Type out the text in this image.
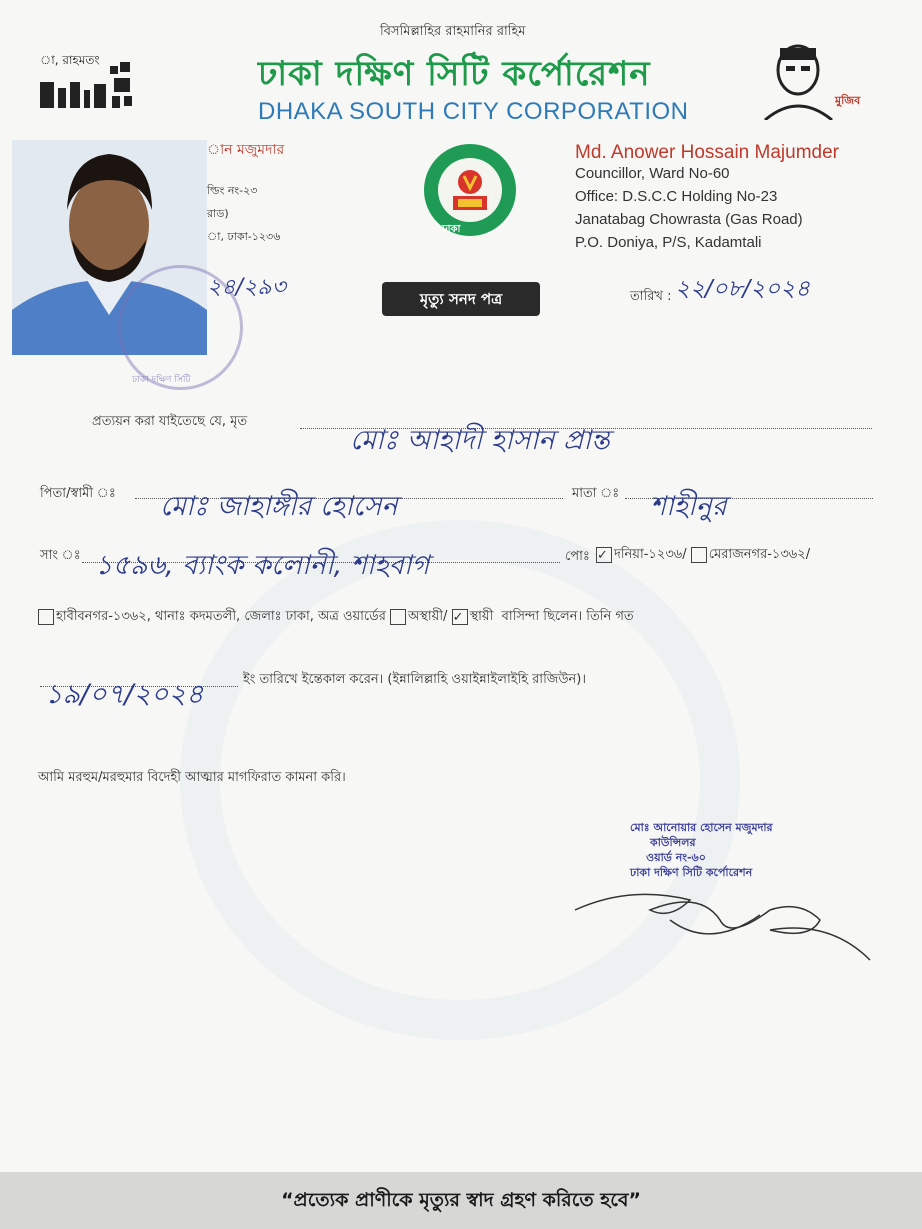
া, রাহমতং
বিসমিল্লাহির রাহমানির রাহিম
ঢাকা দক্ষিণ সিটি কর্পোরেশন
DHAKA SOUTH CITY CORPORATION	মুজিব
ঢাকা দক্ষিণ সিটি
ান মজুমদার
ল্ডিং নং-২৩
রাড)
া, ঢাকা-১২৩৬
ঢাকা
Md. Anower Hossain Majumder
Councillor, Ward No-60
Office: D.S.C.C Holding No-23
Janatabag Chowrasta (Gas Road)
P.O. Doniya, P/S, Kadamtali
২৪/২৯৩	মৃত্যু সনদ পত্র	তারিখ : ২২/০৮/২০২৪
প্রত্যয়ন করা যাইতেছে যে, মৃত
মোঃ আহাদী হাসান প্রান্ত
পিতা/স্বামী ঃ মোঃ জাহাঙ্গীর হোসেন	মাতা ঃ শাহীনুর
সাং ঃ ১৫৯৬, ব্যাংক কলোনী, শাহবাগ	পোঃ ✓ দনিয়া-১২৩৬/ মেরাজনগর-১৩৬২/
হাবীবনগর-১৩৬২, থানাঃ কদমতলী, জেলাঃ ঢাকা, অত্র ওয়ার্ডের অস্থায়ী/ ✓ স্থায়ী বাসিন্দা ছিলেন। তিনি গত
১৯/০৭/২০২৪	ইং তারিখে ইন্তেকাল করেন। (ইন্নালিল্লাহি ওয়াইন্নাইলাইহি রাজিউন)।
আমি মরহুম/মরহুমার বিদেহী আত্মার মাগফিরাত কামনা করি।
মোঃ আনোয়ার হোসেন মজুমদার
কাউন্সিলর
ওয়ার্ড নং-৬০
ঢাকা দক্ষিণ সিটি কর্পোরেশন
“প্রত্যেক প্রাণীকে মৃত্যুর স্বাদ গ্রহণ করিতে হবে”
